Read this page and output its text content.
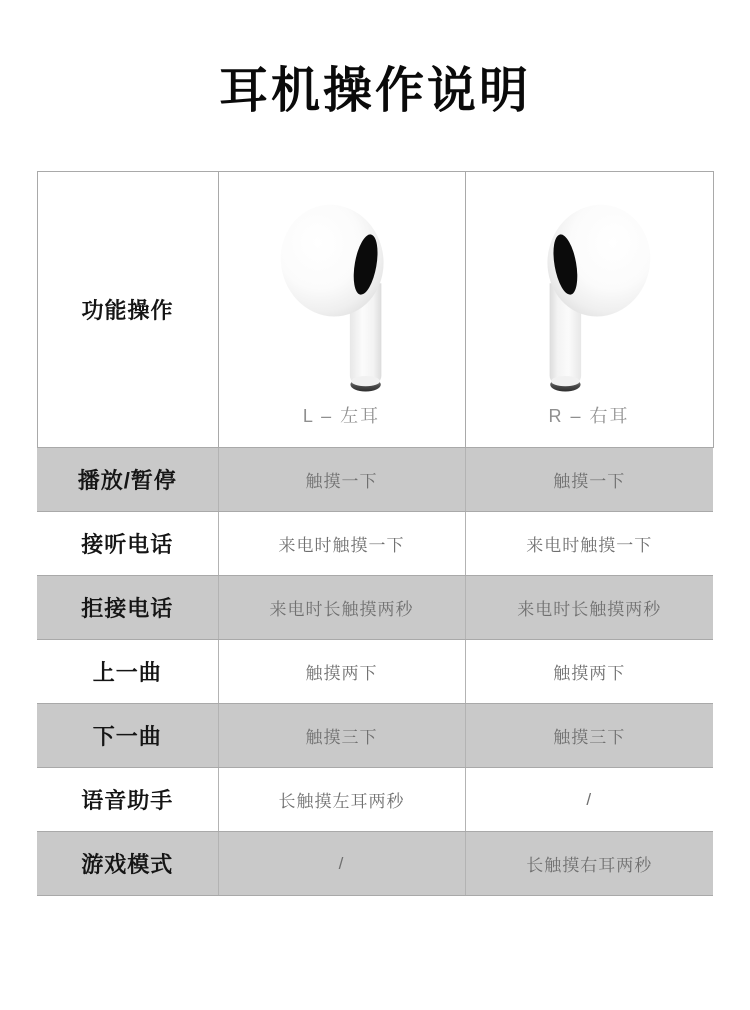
耳机操作说明
功能操作	L – 左耳	R – 右耳

播放/暂停	触摸一下	触摸一下
接听电话	来电时触摸一下	来电时触摸一下
拒接电话	来电时长触摸两秒	来电时长触摸两秒
上一曲	触摸两下	触摸两下
下一曲	触摸三下	触摸三下
语音助手	长触摸左耳两秒	/
游戏模式	/	长触摸右耳两秒
